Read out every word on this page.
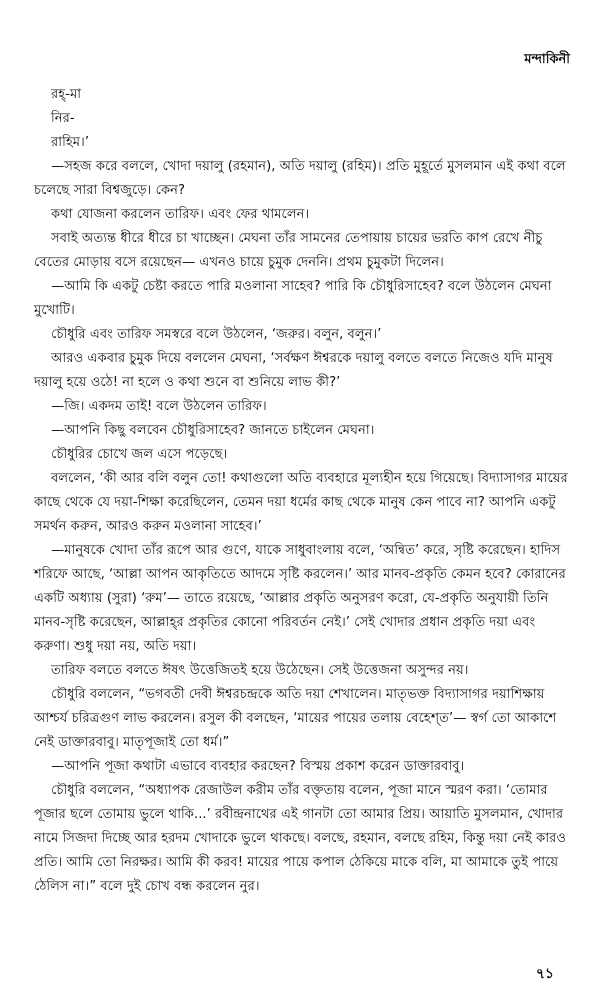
মন্দাকিনী
রহ্‌-মা
নির-
রাহিম।’

—সহজ করে বললে, খোদা দয়ালু (রহমান), অতি দয়ালু (রহিম)। প্রতি মুহূর্তে মুসলমান এই কথা বলে চলেছে সারা বিশ্বজুড়ে। কেন?

কথা যোজনা করলেন তারিফ। এবং ফের থামলেন।

সবাই অত্যন্ত ধীরে ধীরে চা খাচ্ছেন। মেঘনা তাঁর সামনের তেপায়ায় চায়ের ভরতি কাপ রেখে নীচু বেতের মোড়ায় বসে রয়েছেন— এখনও চায়ে চুমুক দেননি। প্রথম চুমুকটা দিলেন।

—আমি কি একটু চেষ্টা করতে পারি মওলানা সাহেব? পারি কি চৌধুরিসাহেব? বলে উঠলেন মেঘনা মুখোটি।

চৌধুরি এবং তারিফ সমস্বরে বলে উঠলেন, ‘জরুর। বলুন, বলুন।’

আরও একবার চুমুক দিয়ে বললেন মেঘনা, ‘সর্বক্ষণ ঈশ্বরকে দয়ালু বলতে বলতে নিজেও যদি মানুষ দয়ালু হয়ে ওঠে! না হলে ও কথা শুনে বা শুনিয়ে লাভ কী?’

—জি। একদম তাই! বলে উঠলেন তারিফ।

—আপনি কিছু বলবেন চৌধুরিসাহেব? জানতে চাইলেন মেঘনা।

চৌধুরির চোখে জল এসে পড়েছে।

বললেন, ‘কী আর বলি বলুন তো! কথাগুলো অতি ব্যবহারে মূল্যহীন হয়ে গিয়েছে। বিদ্যাসাগর মায়ের কাছে থেকে যে দয়া-শিক্ষা করেছিলেন, তেমন দয়া ধর্মের কাছ থেকে মানুষ কেন পাবে না? আপনি একটু সমর্থন করুন, আরও করুন মওলানা সাহেব।’

—মানুষকে খোদা তাঁর রূপে আর গুণে, যাকে সাধুবাংলায় বলে, ‘অন্বিত’ করে, সৃষ্টি করেছেন। হাদিস শরিফে আছে, ‘আল্লা আপন আকৃতিতে আদমে সৃষ্টি করলেন।’ আর মানব-প্রকৃতি কেমন হবে? কোরানের একটি অধ্যায় (সুরা) ‘রুম’— তাতে রয়েছে, ‘আল্লার প্রকৃতি অনুসরণ করো, যে-প্রকৃতি অনুযায়ী তিনি মানব-সৃষ্টি করেছেন, আল্লাহ্‌র প্রকৃতির কোনো পরিবর্তন নেই।’ সেই খোদার প্রধান প্রকৃতি দয়া এবং করুণা। শুধু দয়া নয়, অতি দয়া।

তারিফ বলতে বলতে ঈষৎ উত্তেজিতই হয়ে উঠেছেন। সেই উত্তেজনা অসুন্দর নয়।

চৌধুরি বললেন, “ভগবতী দেবী ঈশ্বরচন্দ্রকে অতি দয়া শেখালেন। মাতৃভক্ত বিদ্যাসাগর দয়াশিক্ষায় আশ্চর্য চরিত্রগুণ লাভ করলেন। রসুল কী বলছেন, ‘মায়ের পায়ের তলায় বেহেশ্‌ত’— স্বর্গ তো আকাশে নেই ডাক্তারবাবু। মাতৃপূজাই তো ধর্ম।”

—আপনি পূজা কথাটা এভাবে ব্যবহার করছেন? বিস্ময় প্রকাশ করেন ডাক্তারবাবু।

চৌধুরি বললেন, “অধ্যাপক রেজাউল করীম তাঁর বক্তৃতায় বলেন, পূজা মানে স্মরণ করা। ‘তোমার পূজার ছলে তোমায় ভুলে থাকি...’ রবীন্দ্রনাথের এই গানটা তো আমার প্রিয়। আয়াতি মুসলমান, খোদার নামে সিজদা দিচ্ছে আর হরদম খোদাকে ভুলে থাকছে। বলছে, রহমান, বলছে রহিম, কিন্তু দয়া নেই কারও প্রতি। আমি তো নিরক্ষর। আমি কী করব! মায়ের পায়ে কপাল ঠেকিয়ে মাকে বলি, মা আমাকে তুই পায়ে ঠেলিস না।” বলে দুই চোখ বন্ধ করলেন নুর।

৭১
